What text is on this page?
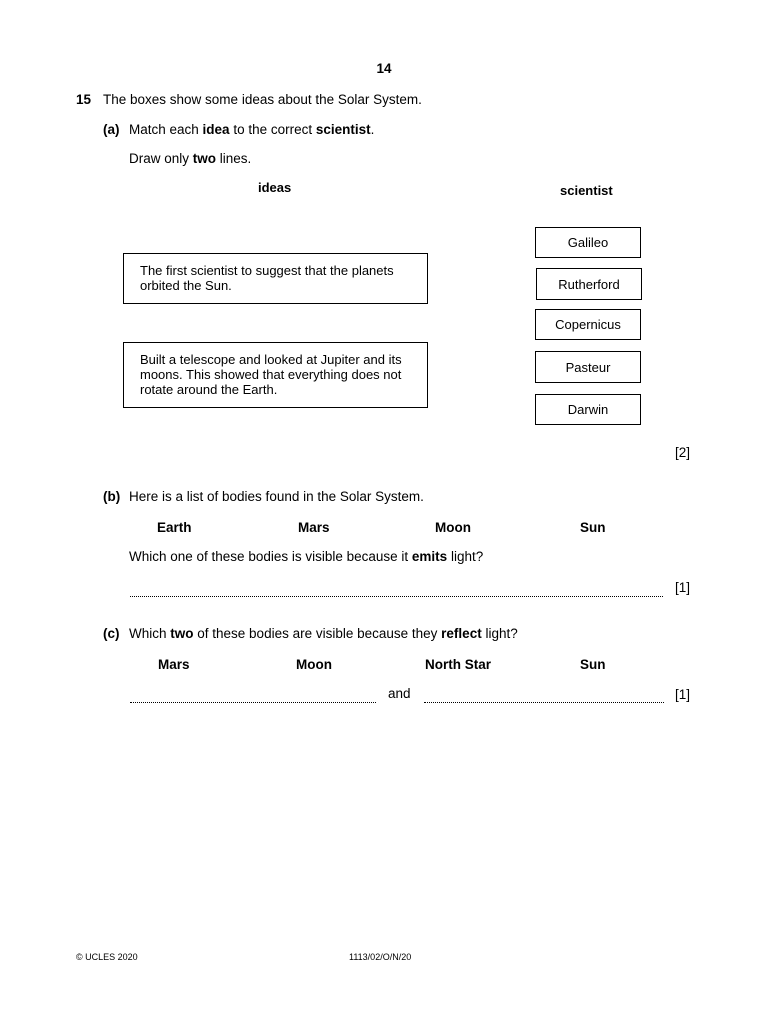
14
15 The boxes show some ideas about the Solar System.
(a) Match each idea to the correct scientist.
Draw only two lines.
ideas	scientist
The first scientist to suggest that the planets
orbited the Sun.
Built a telescope and looked at Jupiter and its
moons. This showed that everything does not
rotate around the Earth.
Galileo
Rutherford
Copernicus
Pasteur
Darwin
[2]
(b) Here is a list of bodies found in the Solar System.
Earth	Mars	Moon	Sun
Which one of these bodies is visible because it emits light?
[1]
(c) Which two of these bodies are visible because they reflect light?
Mars	Moon	North Star	Sun
and	[1]
© UCLES 2020	1113/02/O/N/20
